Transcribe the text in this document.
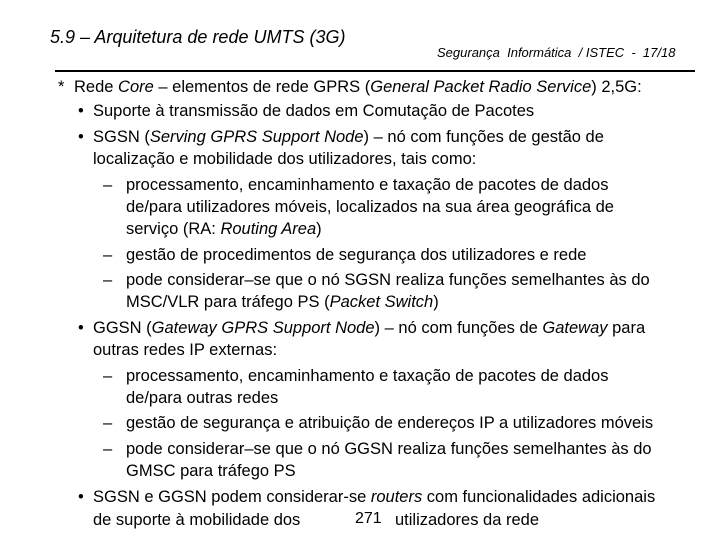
5.9 – Arquitetura de rede UMTS (3G)
Segurança  Informática  / ISTEC  -  17/18
* Rede Core – elementos de rede GPRS (General Packet Radio Service) 2,5G:
• Suporte à transmissão de dados em Comutação de Pacotes
• SGSN (Serving GPRS Support Node) – nó com funções de gestão de
localização e mobilidade dos utilizadores, tais como:
– processamento, encaminhamento e taxação de pacotes de dados
de/para utilizadores móveis, localizados na sua área geográfica de
serviço (RA: Routing Area)
– gestão de procedimentos de segurança dos utilizadores e rede
– pode considerar–se que o nó SGSN realiza funções semelhantes às do
MSC/VLR para tráfego PS (Packet Switch)
• GGSN (Gateway GPRS Support Node) – nó com funções de Gateway para
outras redes IP externas:
– processamento, encaminhamento e taxação de pacotes de dados
de/para outras redes
– gestão de segurança e atribuição de endereços IP a utilizadores móveis
– pode considerar–se que o nó GGSN realiza funções semelhantes às do
GMSC para tráfego PS
• SGSN e GGSN podem considerar-se routers com funcionalidades adicionais
de suporte à mobilidade dos	utilizadores da rede
271
